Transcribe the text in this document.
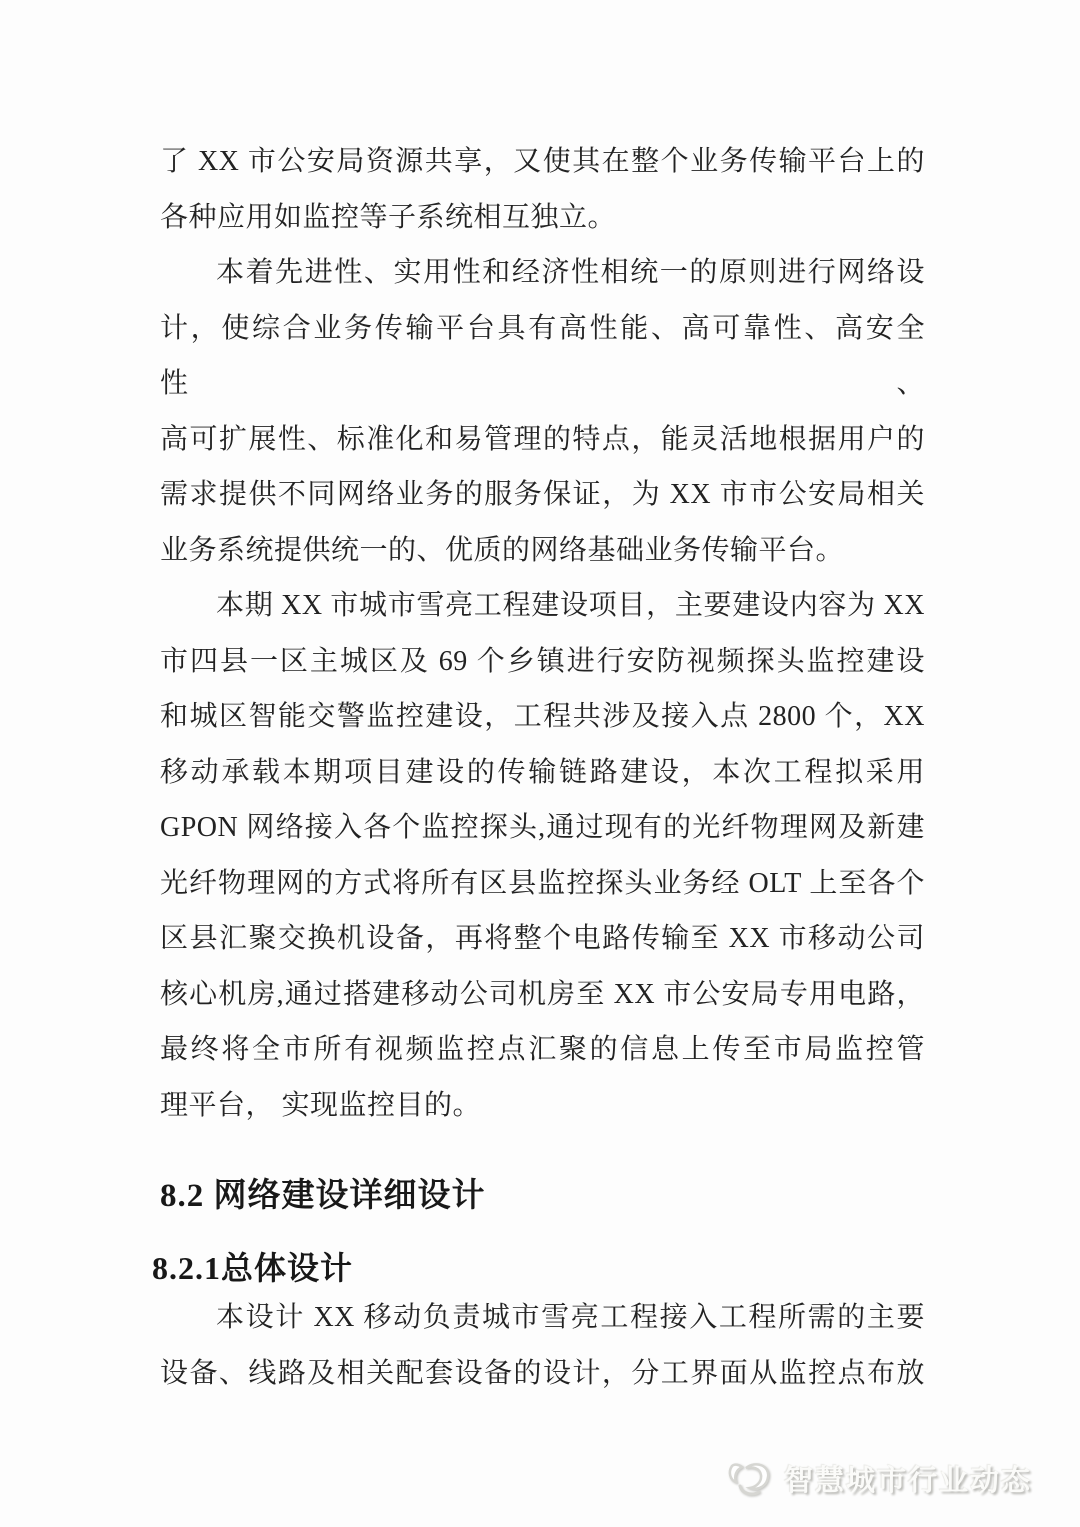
了 XX 市公安局资源共享，又使其在整个业务传输平台上的
各种应用如监控等子系统相互独立。
本着先进性、实用性和经济性相统一的原则进行网络设
计，使综合业务传输平台具有高性能、高可靠性、高安全性、
高可扩展性、标准化和易管理的特点，能灵活地根据用户的
需求提供不同网络业务的服务保证，为 XX 市市公安局相关
业务系统提供统一的、优质的网络基础业务传输平台。
本期 XX 市城市雪亮工程建设项目，主要建设内容为 XX
市四县一区主城区及 69 个乡镇进行安防视频探头监控建设
和城区智能交警监控建设，工程共涉及接入点 2800 个，XX
移动承载本期项目建设的传输链路建设，本次工程拟采用
GPON 网络接入各个监控探头,通过现有的光纤物理网及新建
光纤物理网的方式将所有区县监控探头业务经 OLT 上至各个
区县汇聚交换机设备，再将整个电路传输至 XX 市移动公司
核心机房,通过搭建移动公司机房至 XX 市公安局专用电路，
最终将全市所有视频监控点汇聚的信息上传至市局监控管
理平台， 实现监控目的。
8.2 网络建设详细设计
8.2.1总体设计
本设计 XX 移动负责城市雪亮工程接入工程所需的主要
设备、线路及相关配套设备的设计，分工界面从监控点布放
智慧城市行业动态
